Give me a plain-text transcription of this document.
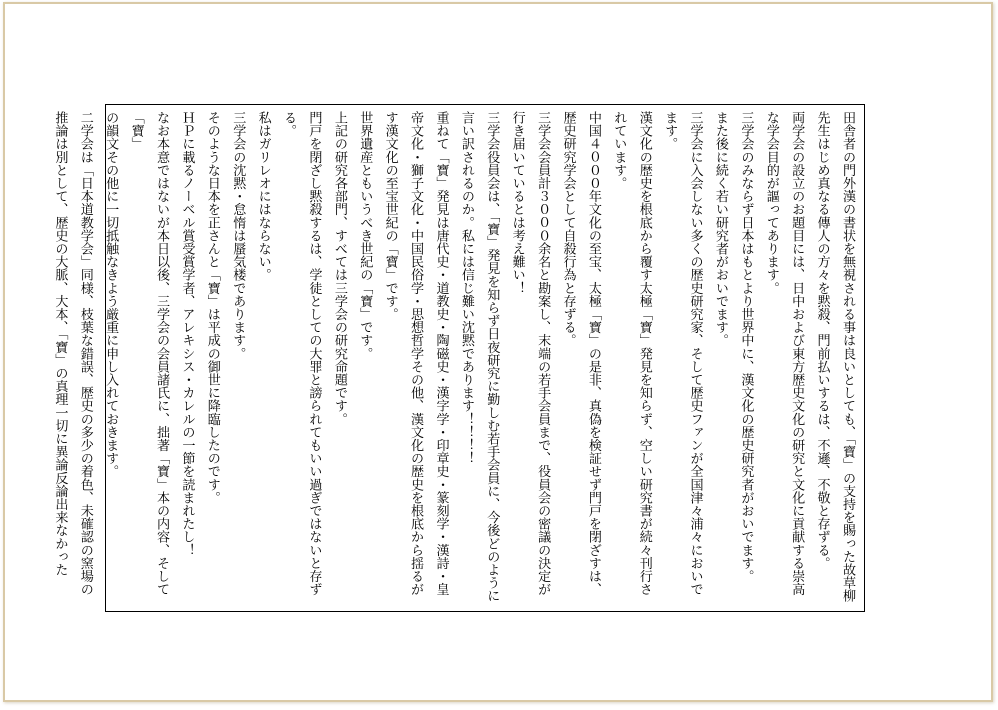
田舎者の門外漢の書状を無視される事は良いとしても、「寶」の支持を賜った故草柳先生はじめ真なる傳人の方々を黙殺、門前払いするは、不遜、不敬と存ずる。

両学会の設立のお題目には、日中および東方歴史文化の研究と文化に貢献する崇高な学会目的が謳ってあります。

三学会のみならず日本はもとより世界中に、漢文化の歴史研究者がおいでます。

また後に続く若い研究者がおいでます。

三学会に入会しない多くの歴史研究家、そして歴史ファンが全国津々浦々においでます。

漢文化の歴史を根底から覆す太極「寶」発見を知らず、空しい研究書が続々刊行されています。

中国４０００年文化の至宝、太極「寶」の是非、真偽を検証せず門戸を閉ざすは、歴史研究学会として自殺行為と存ずる。

三学会会員計３０００余名と勘案し、末端の若手会員まで、役員会の密議の決定が行き届いているとは考え難い！

三学会役員会は、「寶」発見を知らず日夜研究に勤しむ若手会員に、今後どのように言い訳されるのか。私には信じ難い沈黙であります！！！！

重ねて「寶」発見は唐代史・道教史・陶磁史・漢字学・印章史・篆刻学・漢詩・皇帝文化・獅子文化・中国民俗学・思想哲学その他、漢文化の歴史を根底から揺るがす漢文化の至宝世紀の「寶」です。

世界遺産ともいうべき世紀の「寶」です。

上記の研究各部門、すべては三学会の研究命題です。

門戸を閉ざし黙殺するは、学徒としての大罪と謗られてもいい過ぎではないと存ずる。

私はガリレオにはならない。

三学会の沈黙・怠惰は蜃気楼であります。

そのような日本を正さんと「寶」は平成の御世に降臨したのです。

ＨＰに載るノーベル賞受賞学者、アレキシス・カレルの一節を読まれたし！

なお本意ではないが本日以後、三学会の会員諸氏に、拙著「寶」本の内容、そして「寶」

の韻文その他に一切抵触なきよう厳重に申し入れておきます。

二学会は「日本道教学会」同様、枝葉な錯誤、歴史の多少の着色、未確認の窯場の推論は別として、歴史の大脈、大本、「寶」の真理一切に異論反論出来なかった
